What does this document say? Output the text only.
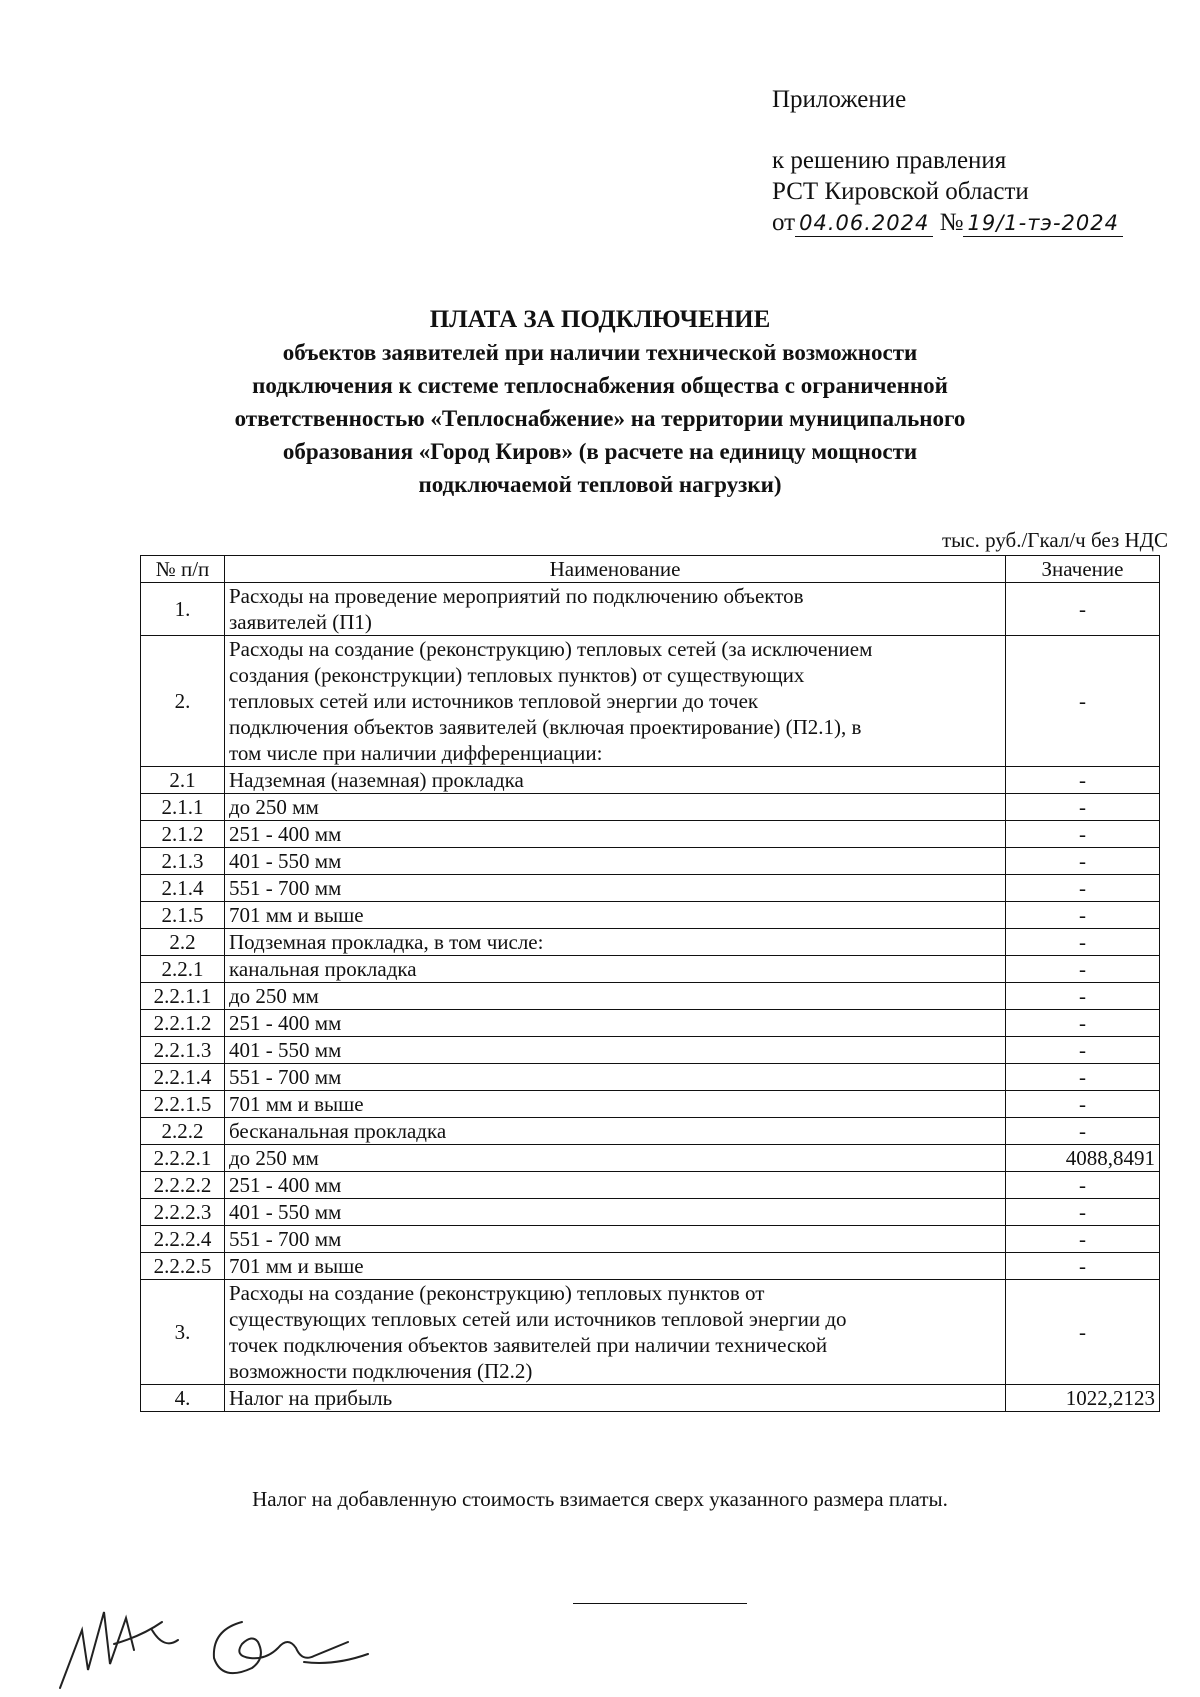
Приложение
к решению правления
РСТ Кировской области
от 04.06.2024 № 19/1-тэ-2024
ПЛАТА ЗА ПОДКЛЮЧЕНИЕ
объектов заявителей при наличии технической возможности
подключения к системе теплоснабжения общества с ограниченной
ответственностью «Теплоснабжение» на территории муниципального
образования «Город Киров» (в расчете на единицу мощности
подключаемой тепловой нагрузки)
тыс. руб./Гкал/ч без НДС
№ п/п	Наименование	Значение
1.	Расходы на проведение мероприятий по подключению объектов
заявителей (П1)	-
2.	Расходы на создание (реконструкцию) тепловых сетей (за исключением
создания (реконструкции) тепловых пунктов) от существующих
тепловых сетей или источников тепловой энергии до точек
подключения объектов заявителей (включая проектирование) (П2.1), в
том числе при наличии дифференциации:	-
2.1	Надземная (наземная) прокладка	-
2.1.1	до 250 мм	-
2.1.2	251 - 400 мм	-
2.1.3	401 - 550 мм	-
2.1.4	551 - 700 мм	-
2.1.5	701 мм и выше	-
2.2	Подземная прокладка, в том числе:	-
2.2.1	канальная прокладка	-
2.2.1.1	до 250 мм	-
2.2.1.2	251 - 400 мм	-
2.2.1.3	401 - 550 мм	-
2.2.1.4	551 - 700 мм	-
2.2.1.5	701 мм и выше	-
2.2.2	бесканальная прокладка	-
2.2.2.1	до 250 мм	4088,8491
2.2.2.2	251 - 400 мм	-
2.2.2.3	401 - 550 мм	-
2.2.2.4	551 - 700 мм	-
2.2.2.5	701 мм и выше	-
3.	Расходы на создание (реконструкцию) тепловых пунктов от
существующих тепловых сетей или источников тепловой энергии до
точек подключения объектов заявителей при наличии технической
возможности подключения (П2.2)	-
4.	Налог на прибыль	1022,2123
Налог на добавленную стоимость взимается сверх указанного размера платы.
